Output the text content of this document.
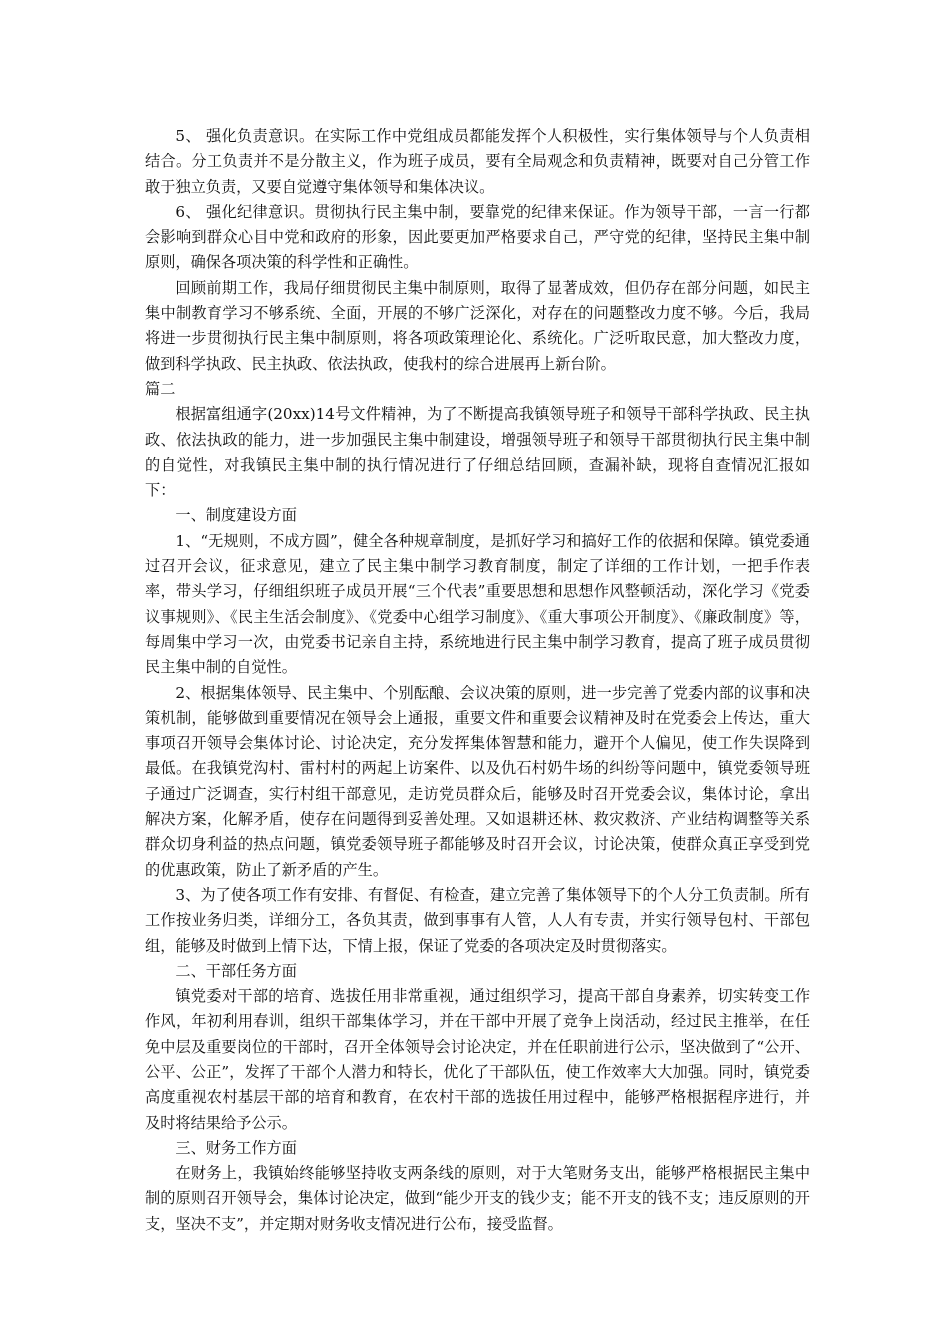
5、 强化负责意识。在实际工作中党组成员都能发挥个人积极性，实行集体领导与个人负责相结合。分工负责并不是分散主义，作为班子成员，要有全局观念和负责精神，既要对自己分管工作敢于独立负责，又要自觉遵守集体领导和集体决议。

6、 强化纪律意识。贯彻执行民主集中制，要靠党的纪律来保证。作为领导干部，一言一行都会影响到群众心目中党和政府的形象，因此要更加严格要求自己，严守党的纪律，坚持民主集中制原则，确保各项决策的科学性和正确性。

回顾前期工作，我局仔细贯彻民主集中制原则，取得了显著成效，但仍存在部分问题，如民主集中制教育学习不够系统、全面，开展的不够广泛深化，对存在的问题整改力度不够。今后，我局将进一步贯彻执行民主集中制原则，将各项政策理论化、系统化。广泛听取民意，加大整改力度，做到科学执政、民主执政、依法执政，使我村的综合进展再上新台阶。

篇二

根据富组通字(20xx)14号文件精神，为了不断提高我镇领导班子和领导干部科学执政、民主执政、依法执政的能力，进一步加强民主集中制建设，增强领导班子和领导干部贯彻执行民主集中制的自觉性，对我镇民主集中制的执行情况进行了仔细总结回顾，查漏补缺，现将自查情况汇报如下：

一、制度建设方面

1、“无规则，不成方圆”，健全各种规章制度，是抓好学习和搞好工作的依据和保障。镇党委通过召开会议，征求意见，建立了民主集中制学习教育制度，制定了详细的工作计划，一把手作表率，带头学习，仔细组织班子成员开展“三个代表”重要思想和思想作风整顿活动，深化学习《党委议事规则》、《民主生活会制度》、《党委中心组学习制度》、《重大事项公开制度》、《廉政制度》等，每周集中学习一次，由党委书记亲自主持，系统地进行民主集中制学习教育，提高了班子成员贯彻民主集中制的自觉性。

2、根据集体领导、民主集中、个别酝酿、会议决策的原则，进一步完善了党委内部的议事和决策机制，能够做到重要情况在领导会上通报，重要文件和重要会议精神及时在党委会上传达，重大事项召开领导会集体讨论、讨论决定，充分发挥集体智慧和能力，避开个人偏见，使工作失误降到最低。在我镇党沟村、雷村村的两起上访案件、以及仇石村奶牛场的纠纷等问题中，镇党委领导班子通过广泛调查，实行村组干部意见，走访党员群众后，能够及时召开党委会议，集体讨论，拿出解决方案，化解矛盾，使存在问题得到妥善处理。又如退耕还林、救灾救济、产业结构调整等关系群众切身利益的热点问题，镇党委领导班子都能够及时召开会议，讨论决策，使群众真正享受到党的优惠政策，防止了新矛盾的产生。

3、为了使各项工作有安排、有督促、有检查，建立完善了集体领导下的个人分工负责制。所有工作按业务归类，详细分工，各负其责，做到事事有人管，人人有专责，并实行领导包村、干部包组，能够及时做到上情下达，下情上报，保证了党委的各项决定及时贯彻落实。

二、干部任务方面

镇党委对干部的培育、选拔任用非常重视，通过组织学习，提高干部自身素养，切实转变工作作风，年初利用春训，组织干部集体学习，并在干部中开展了竞争上岗活动，经过民主推举，在任免中层及重要岗位的干部时，召开全体领导会讨论决定，并在任职前进行公示，坚决做到了“公开、公平、公正”，发挥了干部个人潜力和特长，优化了干部队伍，使工作效率大大加强。同时，镇党委高度重视农村基层干部的培育和教育，在农村干部的选拔任用过程中，能够严格根据程序进行，并及时将结果给予公示。

三、财务工作方面

在财务上，我镇始终能够坚持收支两条线的原则，对于大笔财务支出，能够严格根据民主集中制的原则召开领导会，集体讨论决定，做到“能少开支的钱少支；能不开支的钱不支；违反原则的开支，坚决不支”，并定期对财务收支情况进行公布，接受监督。
